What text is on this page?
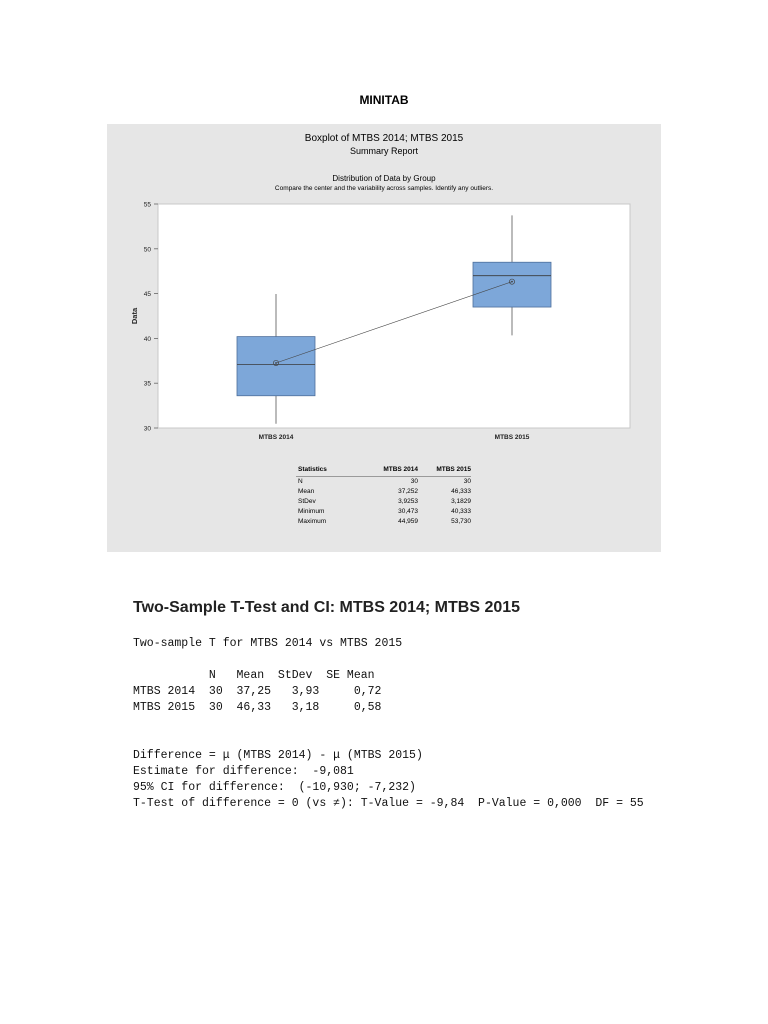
MINITAB
Boxplot of MTBS 2014; MTBS 2015
Summary Report
Distribution of Data by Group
Compare the center and the variability across samples. Identify any outliers.
30
35
40
45
50
55
Data
MTBS 2014	MTBS 2015
Statistics	MTBS 2014	MTBS 2015
N	30	30
Mean	37,252	46,333
StDev	3,9253	3,1829
Minimum	30,473	40,333
Maximum	44,959	53,730
Two-Sample T-Test and CI: MTBS 2014; MTBS 2015
Two-sample T for MTBS 2014 vs MTBS 2015
N   Mean  StDev  SE Mean
MTBS 2014  30  37,25   3,93     0,72
MTBS 2015  30  46,33   3,18     0,58
Difference = μ (MTBS 2014) - μ (MTBS 2015)
Estimate for difference:  -9,081
95% CI for difference:  (-10,930; -7,232)
T-Test of difference = 0 (vs ≠): T-Value = -9,84  P-Value = 0,000  DF = 55
